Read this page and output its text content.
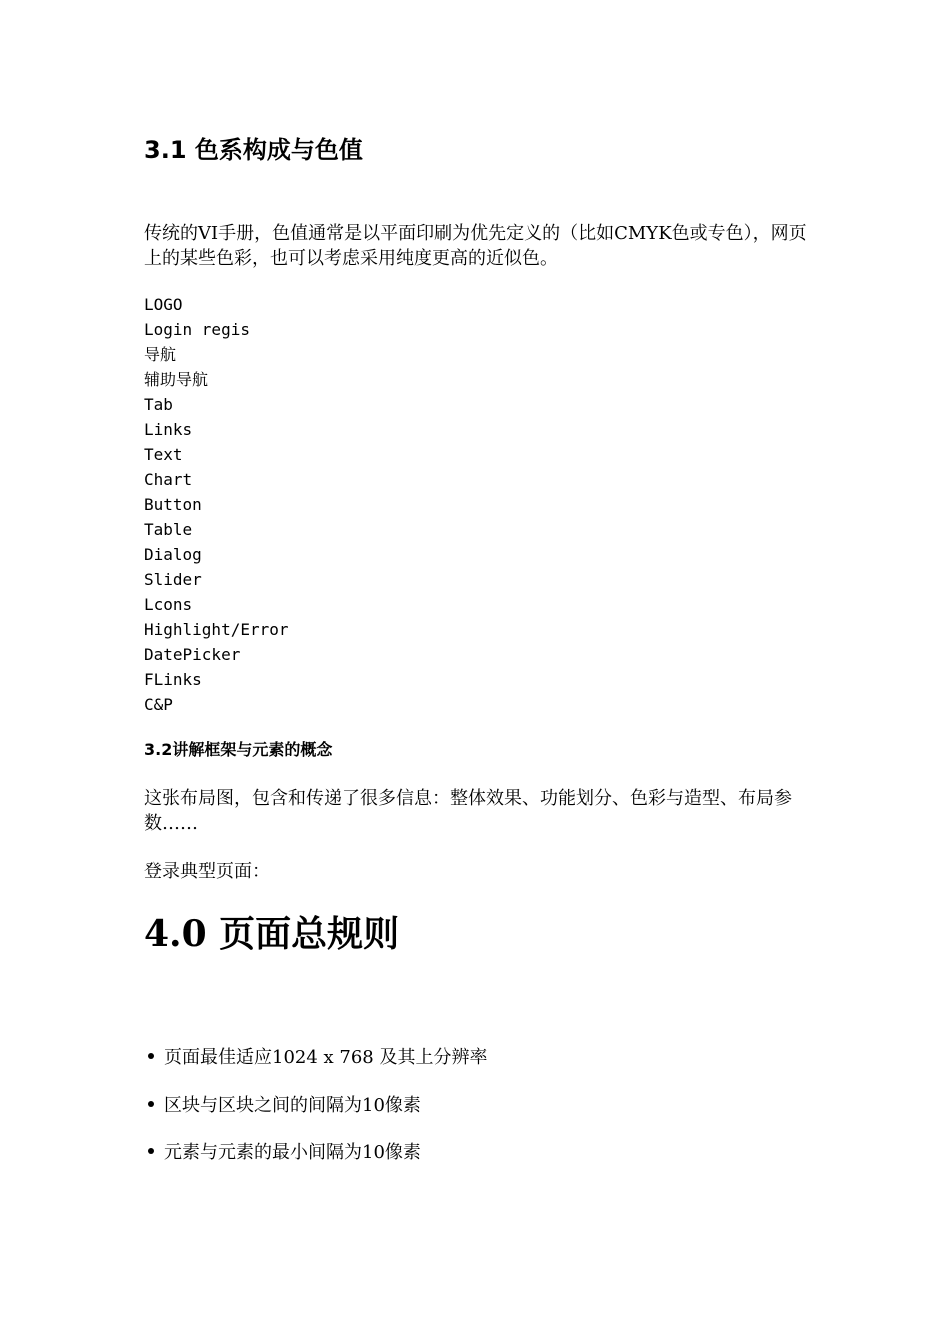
3.1 色系构成与色值

传统的VI手册，色值通常是以平面印刷为优先定义的（比如CMYK色或专色），网页上的某些色彩，也可以考虑采用纯度更高的近似色。

LOGO
Login regis
导航
辅助导航
Tab
Links
Text
Chart
Button
Table
Dialog
Slider
Lcons
Highlight/Error
DatePicker
FLinks
C&P
3.2讲解框架与元素的概念

这张布局图，包含和传递了很多信息：整体效果、功能划分、色彩与造型、布局参数……

登录典型页面：

4.0 页面总规则

页面最佳适应1024 x 768 及其上分辨率

区块与区块之间的间隔为10像素

元素与元素的最小间隔为10像素
